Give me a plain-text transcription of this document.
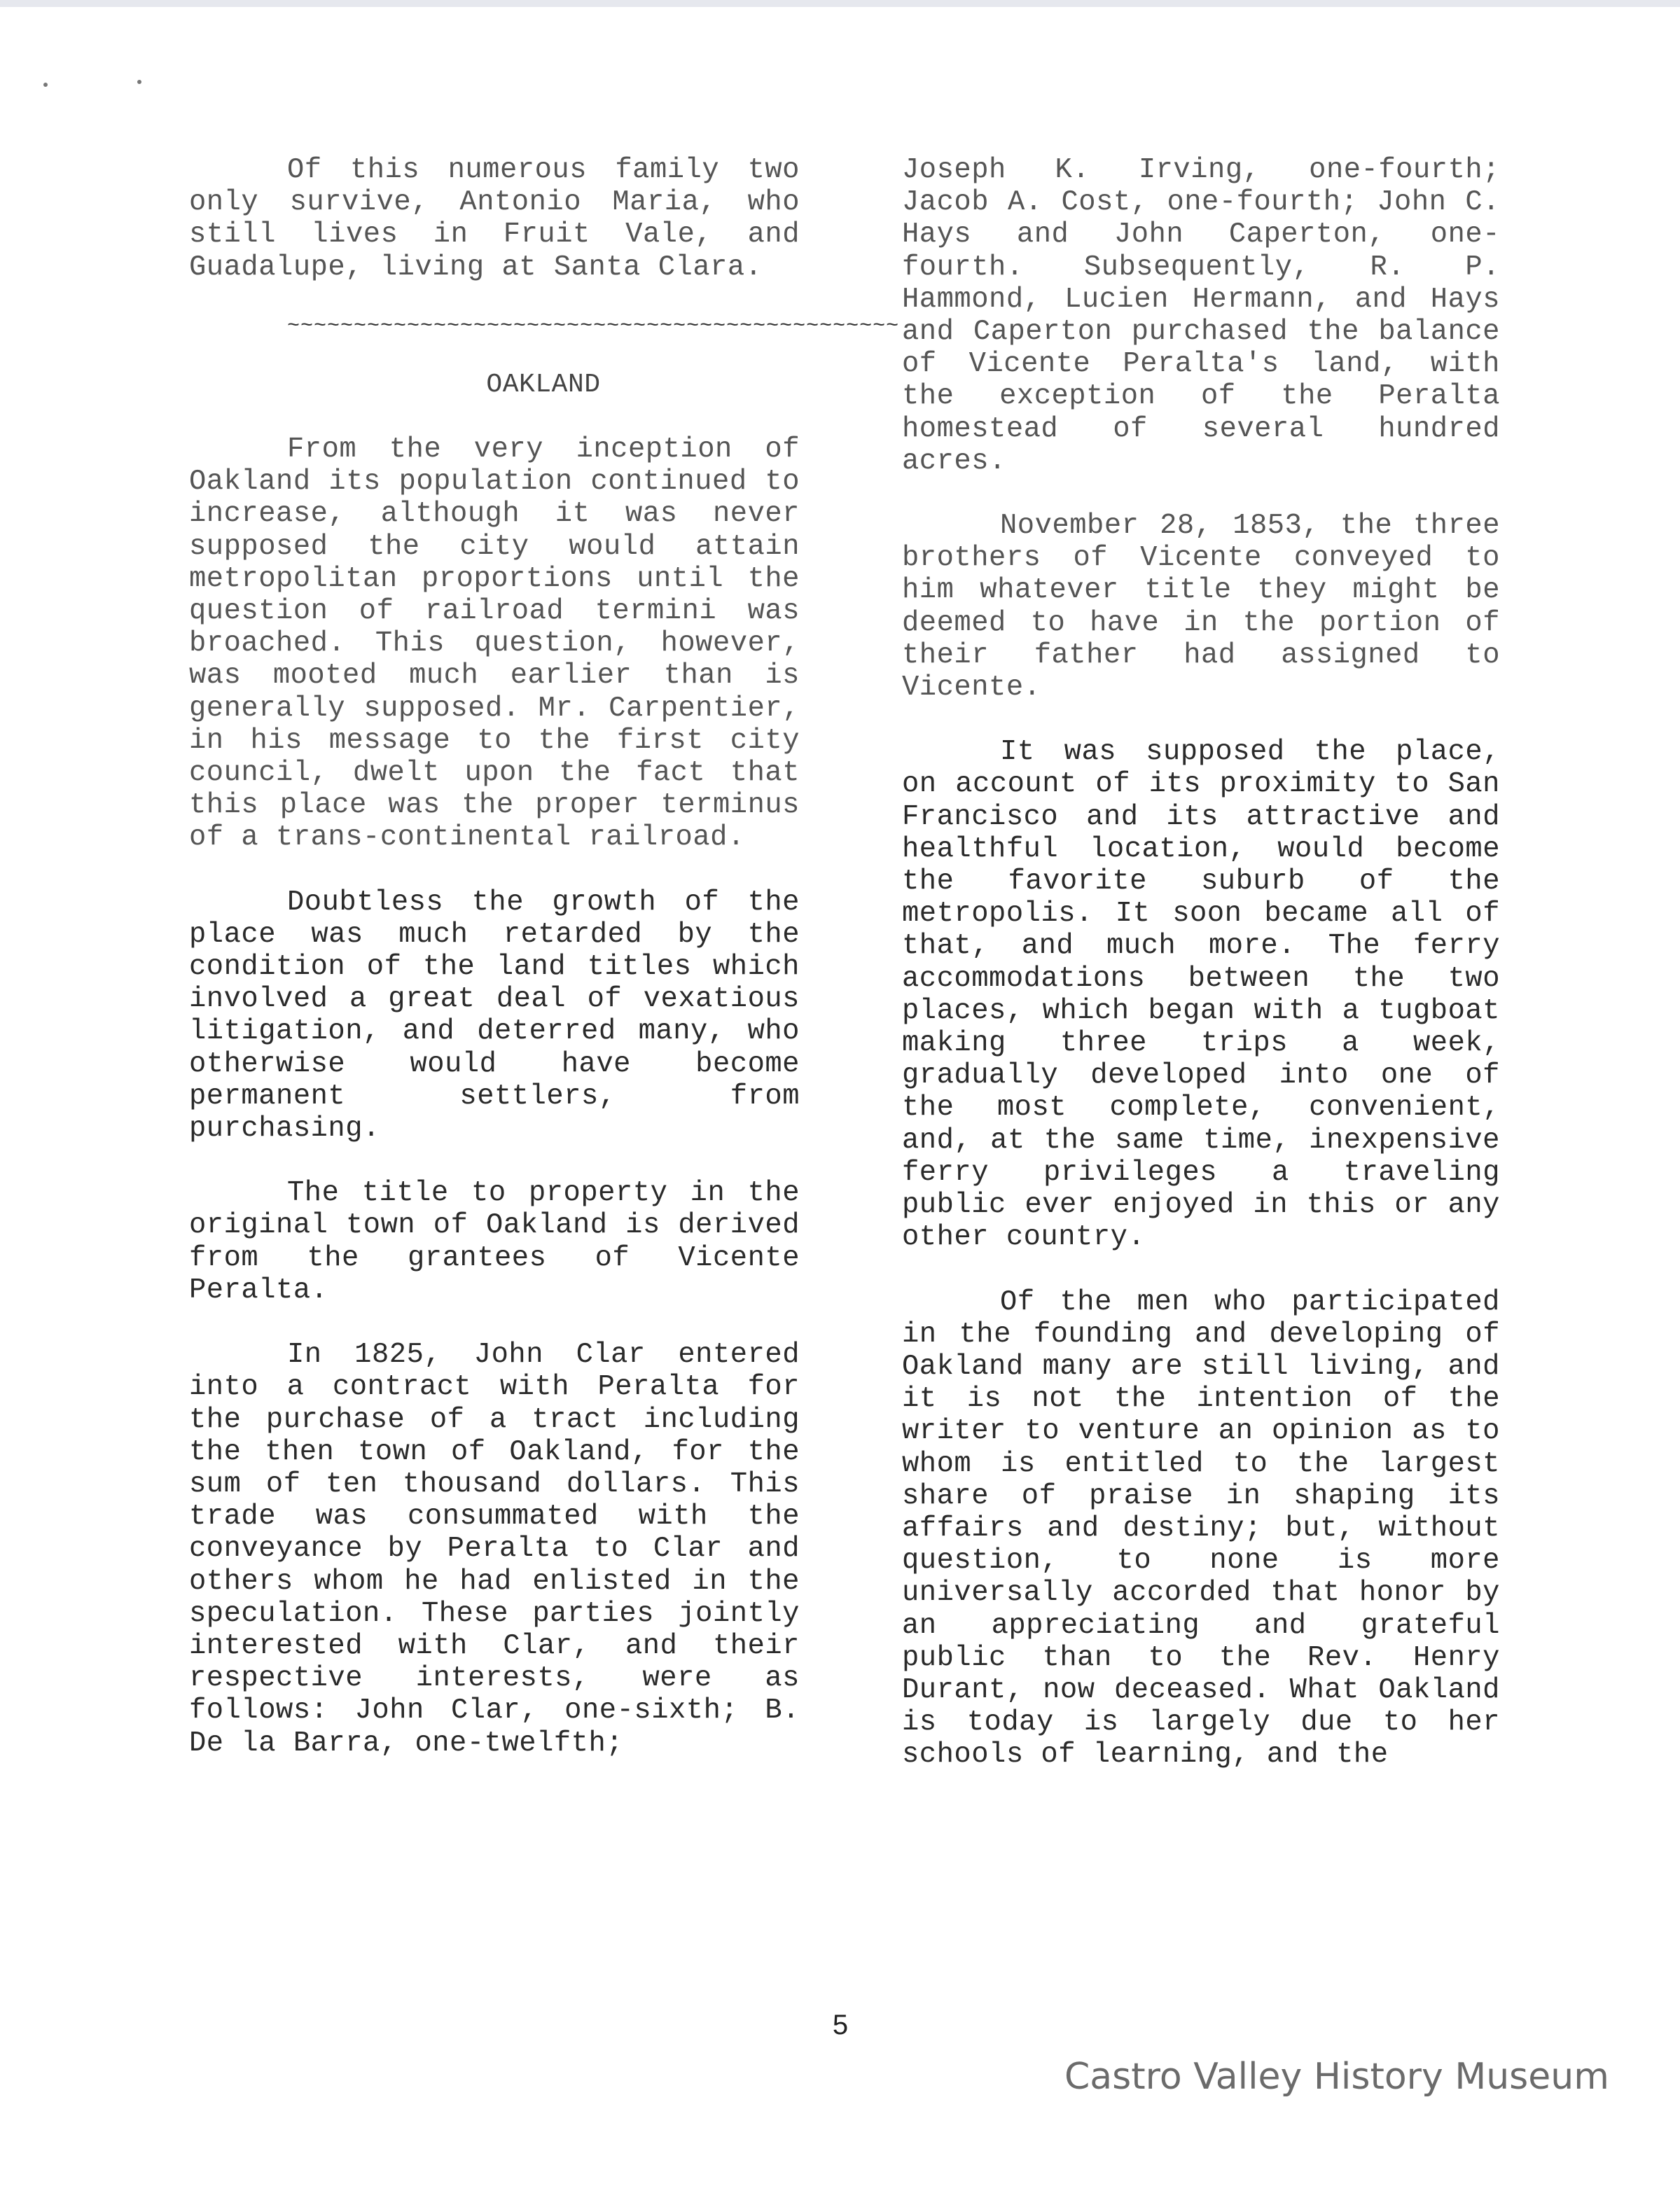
Of this numerous family two only survive, Antonio Maria, who still lives in Fruit Vale, and Guadalupe, living at Santa Clara.

~~~~~~~~~~~~~~~~~~~~~~~~~~~~~~~~~~~~~~~~~~~~~~

OAKLAND

From the very inception of Oakland its population continued to increase, although it was never supposed the city would attain metropolitan proportions until the question of railroad termini was broached. This question, however, was mooted much earlier than is generally supposed. Mr. Carpentier, in his message to the first city council, dwelt upon the fact that this place was the proper terminus of a trans-continental railroad.

Doubtless the growth of the place was much retarded by the condition of the land titles which involved a great deal of vexatious litigation, and deterred many, who otherwise would have become permanent settlers, from purchasing.

The title to property in the original town of Oakland is derived from the grantees of Vicente Peralta.

In 1825, John Clar entered into a contract with Peralta for the purchase of a tract including the then town of Oakland, for the sum of ten thousand dollars. This trade was consummated with the conveyance by Peralta to Clar and others whom he had enlisted in the speculation. These parties jointly interested with Clar, and their respective interests, were as follows: John Clar, one-sixth; B. De la Barra, one-twelfth;

Joseph K. Irving, one-fourth; Jacob A. Cost, one-fourth; John C. Hays and John Caperton, one-fourth. Subsequently, R. P. Hammond, Lucien Hermann, and Hays and Caperton purchased the balance of Vicente Peralta's land, with the exception of the Peralta homestead of several hundred acres.

November 28, 1853, the three brothers of Vicente conveyed to him whatever title they might be deemed to have in the portion of their father had assigned to Vicente.

It was supposed the place, on account of its proximity to San Francisco and its attractive and healthful location, would become the favorite suburb of the metropolis. It soon became all of that, and much more. The ferry accommodations between the two places, which began with a tugboat making three trips a week, gradually developed into one of the most complete, convenient, and, at the same time, inexpensive ferry privileges a traveling public ever enjoyed in this or any other country.

Of the men who participated in the founding and developing of Oakland many are still living, and it is not the intention of the writer to venture an opinion as to whom is entitled to the largest share of praise in shaping its affairs and destiny; but, without question, to none is more universally accorded that honor by an appreciating and grateful public than to the Rev. Henry Durant, now deceased. What Oakland is today is largely due to her schools of learning, and the

5
Castro Valley History Museum
